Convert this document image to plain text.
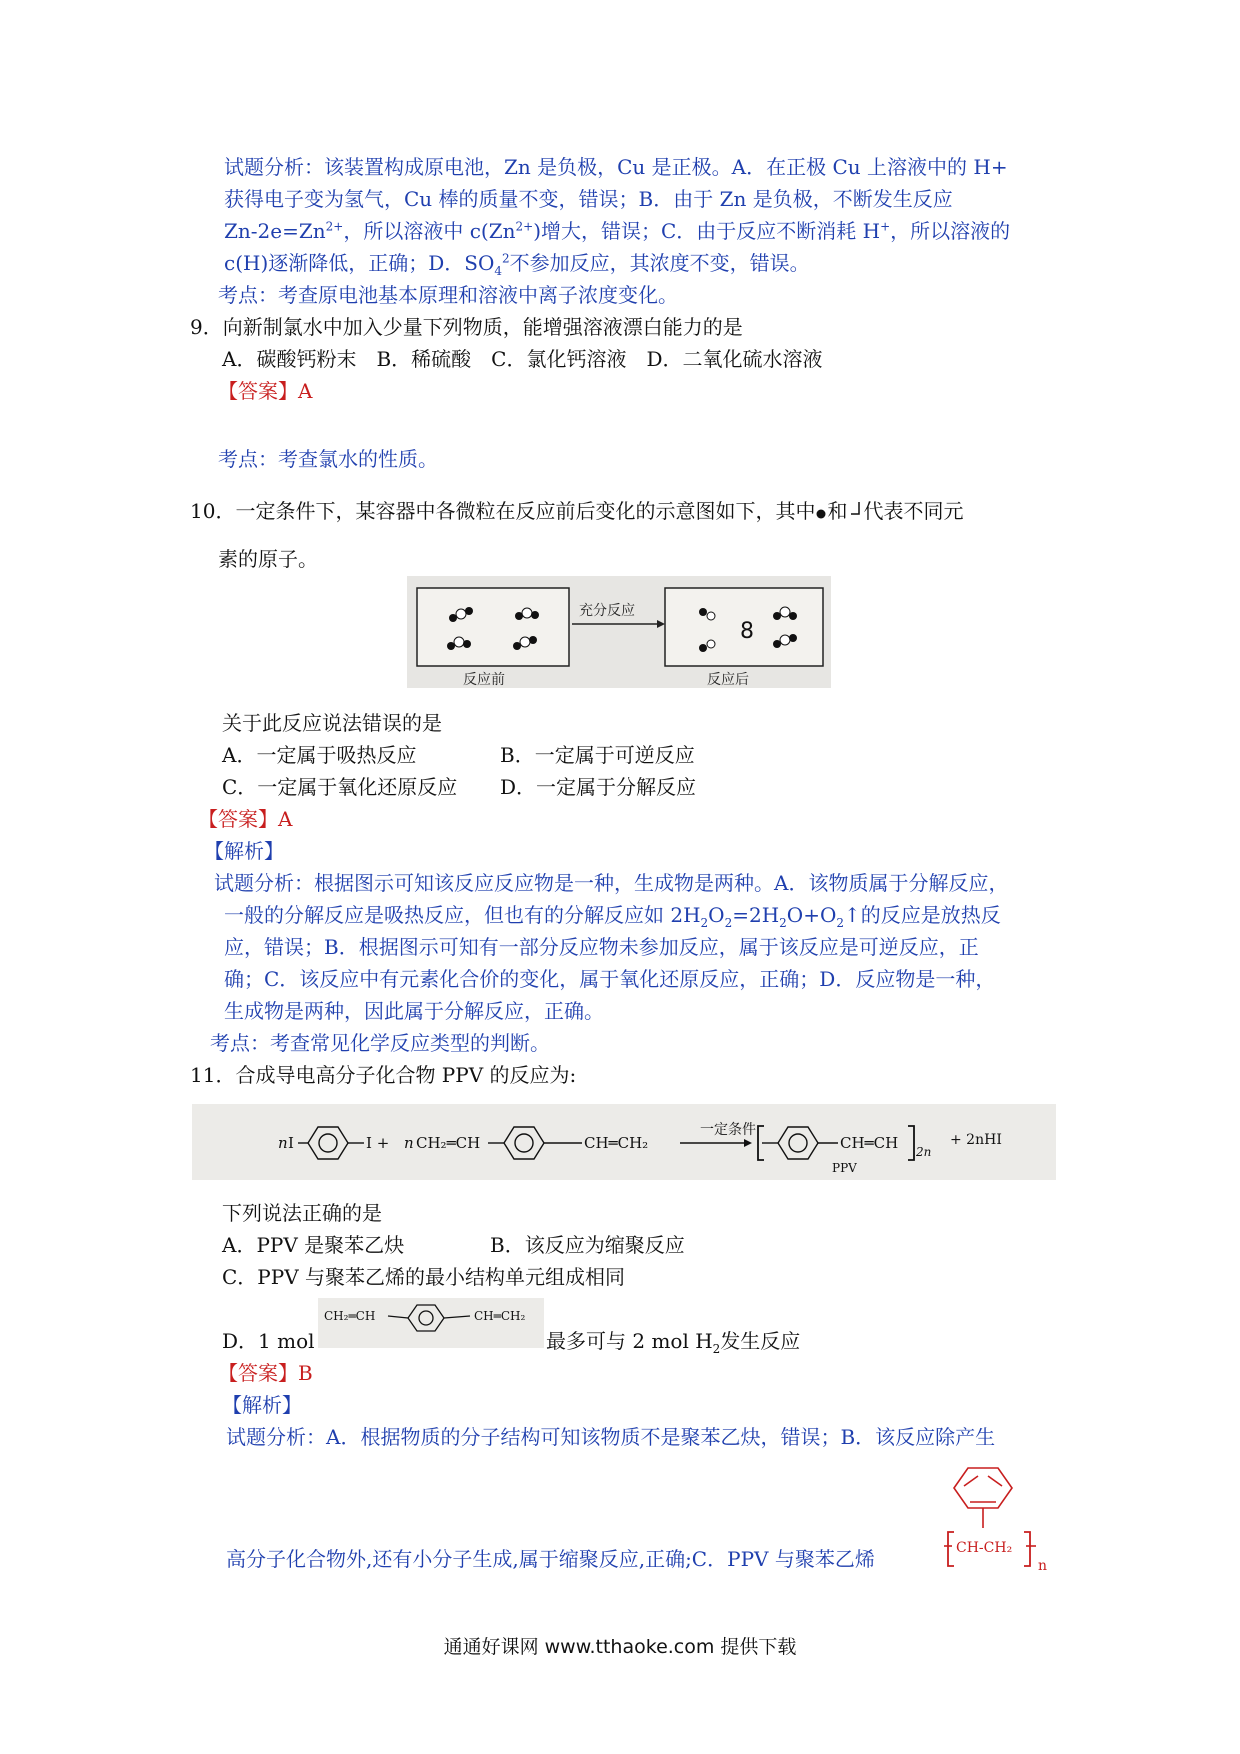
试题分析：该装置构成原电池，Zn 是负极，Cu 是正极。A．在正极 Cu 上溶液中的 H+
获得电子变为氢气，Cu 棒的质量不变，错误；B．由于 Zn 是负极，不断发生反应
$Zn-2e=Zn^{2+}$，所以溶液中 $c(Zn^{2+})$增大，错误；C．由于反应不断消耗 H+，所以溶液的
c(H)逐渐降低，正确；D．$SO_4^2$不参加反应，其浓度不变，错误。
考点：考查原电池基本原理和溶液中离子浓度变化。
9．向新制氯水中加入少量下列物质，能增强溶液漂白能力的是
A．碳酸钙粉末　B．稀硫酸　C．氯化钙溶液　D．二氧化硫水溶液
【答案】A
考点：考查氯水的性质。
10．一定条件下，某容器中各微粒在反应前后变化的示意图如下，其中 和 代表不同元
素的原子。
充分反应
反应前	反应后
8
关于此反应说法错误的是
A．一定属于吸热反应	B．一定属于可逆反应
C．一定属于氧化还原反应 D．一定属于分解反应
【答案】A
【解析】
试题分析：根据图示可知该反应反应物是一种，生成物是两种。A．该物质属于分解反应，
一般的分解反应是吸热反应，但也有的分解反应如 $2H_2O_2=2H_2O+O_2↑$的反应是放热反
应，错误；B．根据图示可知有一部分反应物未参加反应，属于该反应是可逆反应，正
确；C．该反应中有元素化合价的变化，属于氧化还原反应，正确；D．反应物是一种，
生成物是两种，因此属于分解反应，正确。
考点：考查常见化学反应类型的判断。
11．合成导电高分子化合物 PPV 的反应为:
n I	I + n CH₂═CH	CH═CH₂
一定条件
CH═CH 2n
+ 2nHI
PPV
下列说法正确的是
A．PPV 是聚苯乙炔	B．该反应为缩聚反应
C．PPV 与聚苯乙烯的最小结构单元组成相同
D．1 mol
CH₂═CH	CH═CH₂
最多可与 2 mol $H_2$发生反应
【答案】B
【解析】
试题分析：A．根据物质的分子结构可知该物质不是聚苯乙炔，错误；B．该反应除产生
高分子化合物外,还有小分子生成,属于缩聚反应,正确;C．PPV 与聚苯乙烯	CH-CH₂
n
通通好课网 www.tthaoke.com 提供下载
